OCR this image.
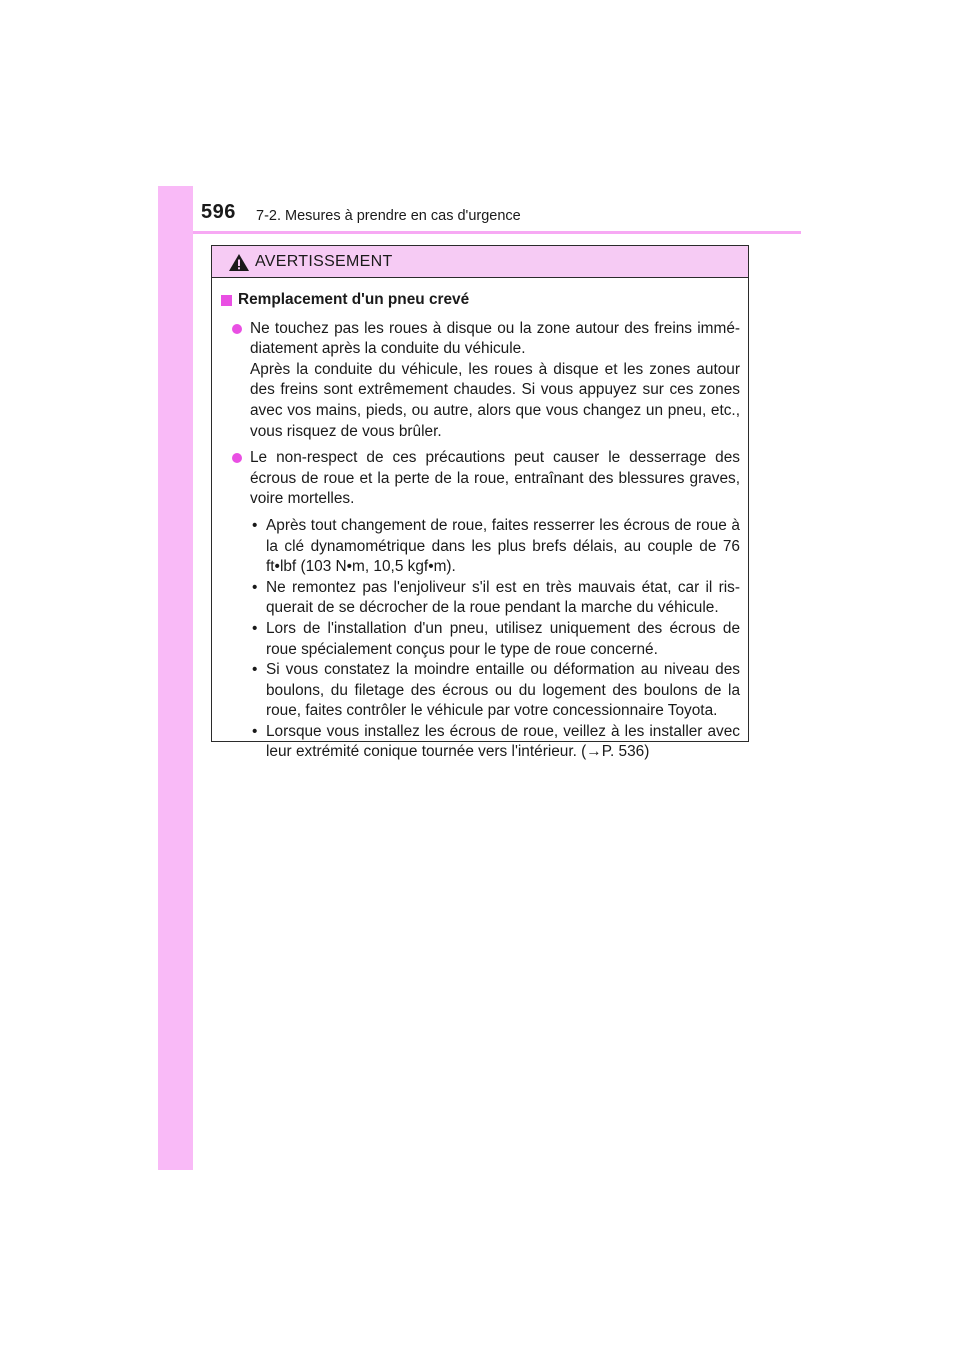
596 7-2. Mesures à prendre en cas d'urgence
AVERTISSEMENT
Remplacement d'un pneu crevé

Ne touchez pas les roues à disque ou la zone autour des freins immé-diatement après la conduite du véhicule.

Après la conduite du véhicule, les roues à disque et les zones autour des freins sont extrêmement chaudes. Si vous appuyez sur ces zones avec vos mains, pieds, ou autre, alors que vous changez un pneu, etc., vous risquez de vous brûler.

Le non-respect de ces précautions peut causer le desserrage des écrous de roue et la perte de la roue, entraînant des blessures graves, voire mortelles.

• Après tout changement de roue, faites resserrer les écrous de roue à la clé dynamométrique dans les plus brefs délais, au couple de 76 ft•lbf (103 N•m, 10,5 kgf•m).
• Ne remontez pas l'enjoliveur s'il est en très mauvais état, car il ris-querait de se décrocher de la roue pendant la marche du véhicule.
• Lors de l'installation d'un pneu, utilisez uniquement des écrous de roue spécialement conçus pour le type de roue concerné.
• Si vous constatez la moindre entaille ou déformation au niveau des boulons, du filetage des écrous ou du logement des boulons de la roue, faites contrôler le véhicule par votre concessionnaire Toyota.
• Lorsque vous installez les écrous de roue, veillez à les installer avec leur extrémité conique tournée vers l'intérieur. (→P. 536)
